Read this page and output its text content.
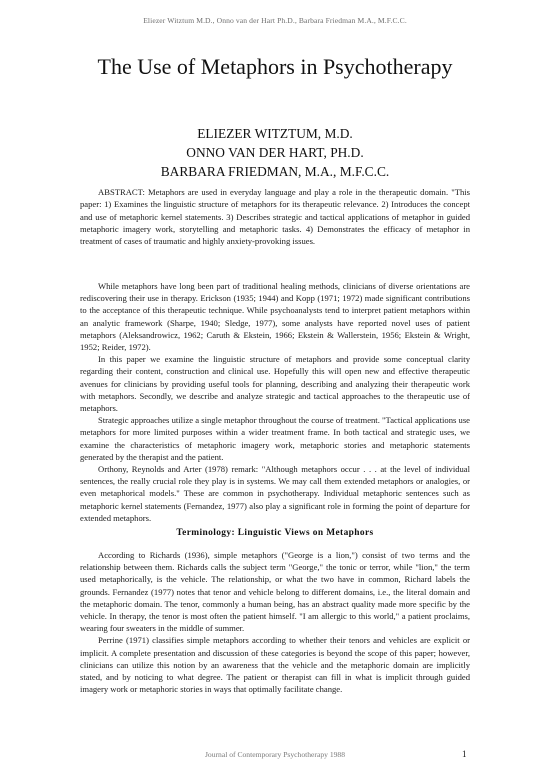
Eliezer Witztum M.D., Onno van der Hart Ph.D., Barbara Friedman M.A., M.F.C.C.
The Use of Metaphors in Psychotherapy
ELIEZER WITZTUM, M.D.
ONNO VAN DER HART, PH.D.
BARBARA FRIEDMAN, M.A., M.F.C.C.

ABSTRACT: Metaphors are used in everyday language and play a role in the therapeutic domain. "This paper: 1) Examines the linguistic structure of metaphors for its therapeutic relevance. 2) Introduces the concept and use of metaphoric kernel statements. 3) Describes strategic and tactical applications of metaphor in guided metaphoric imagery work, storytelling and metaphoric tasks. 4) Demonstrates the efficacy of metaphor in treatment of cases of traumatic and highly anxiety-provoking issues.

While metaphors have long been part of traditional healing methods, clinicians of diverse orientations are rediscovering their use in therapy. Erickson (1935; 1944) and Kopp (1971; 1972) made significant contributions to the acceptance of this therapeutic technique. While psychoanalysts tend to interpret patient metaphors within an analytic framework (Sharpe, 1940; Sledge, 1977), some analysts have reported novel uses of patient metaphors (Aleksandrowicz, 1962; Caruth & Ekstein, 1966; Ekstein & Wallerstein, 1956; Ekstein & Wright, 1952; Reider, 1972).

In this paper we examine the linguistic structure of metaphors and provide some conceptual clarity regarding their content, construction and clinical use. Hopefully this will open new and effective therapeutic avenues for clinicians by providing useful tools for planning, describing and analyzing their therapeutic work with metaphors. Secondly, we describe and analyze strategic and tactical approaches to the therapeutic use of metaphors.

Strategic approaches utilize a single metaphor throughout the course of treatment. "Tactical applications use metaphors for more limited purposes within a wider treatment frame. In both tactical and strategic uses, we examine the characteristics of metaphoric imagery work, metaphoric stories and metaphoric statements generated by the therapist and the patient.

Orthony, Reynolds and Arter (1978) remark: "Although metaphors occur . . . at the level of individual sentences, the really crucial role they play is in systems. We may call them extended metaphors or analogies, or even metaphorical models." These are common in psychotherapy. Individual metaphoric sentences such as metaphoric kernel statements (Fernandez, 1977) also play a significant role in forming the point of departure for extended metaphors.

Terminology: Linguistic Views on Metaphors

According to Richards (1936), simple metaphors ("George is a lion,") consist of two terms and the relationship between them. Richards calls the subject term "George," the tonic or terror, while "lion," the term used metaphorically, is the vehicle. The relationship, or what the two have in common, Richard labels the grounds. Fernandez (1977) notes that tenor and vehicle belong to different domains, i.e., the literal domain and the metaphoric domain. The tenor, commonly a human being, has an abstract quality made more specific by the vehicle. In therapy, the tenor is most often the patient himself. "I am allergic to this world," a patient proclaims, wearing four sweaters in the middle of summer.

Perrine (1971) classifies simple metaphors according to whether their tenors and vehicles are explicit or implicit. A complete presentation and discussion of these categories is beyond the scope of this paper; however, clinicians can utilize this notion by an awareness that the vehicle and the metaphoric domain are implicitly stated, and by noticing to what degree. The patient or therapist can fill in what is implicit through guided imagery work or metaphoric stories in ways that optimally facilitate change.

Journal of Contemporary Psychotherapy 1988	1
